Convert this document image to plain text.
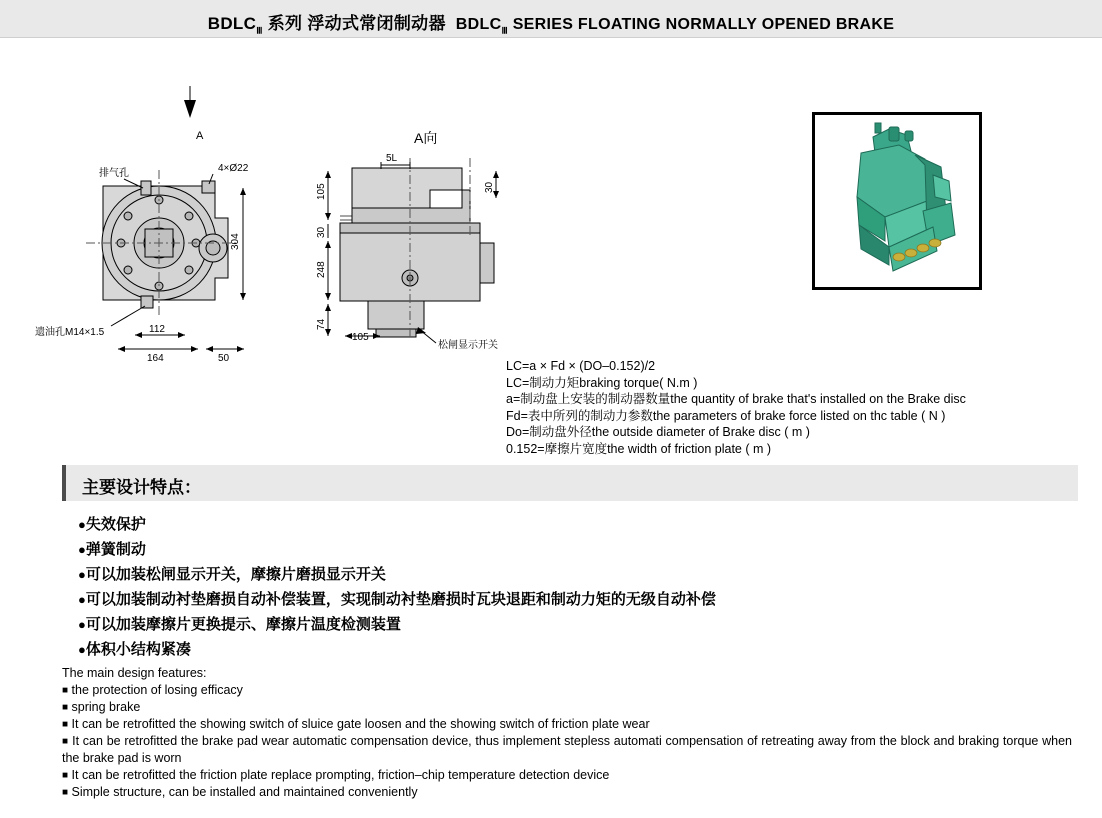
$BDLC_Ⅲ$ 系列 浮动式常闭制动器 $BDLC_Ⅲ$ SERIES FLOATING NORMALLY OPENED BRAKE
A	A向
排气孔	4×Ø22
遗油孔M14×1.5	112
164	50
304
5L
105
30
30
248
74
105
松闸显示开关
LC=a × Fd × (DO–0.152)/2
LC=制动力矩braking torque( N.m )
a=制动盘上安装的制动器数量the quantity of brake that's installed on the Brake disc
Fd=表中所列的制动力参数the parameters of brake force listed on thc table ( N )
Do=制动盘外径the outside diameter of Brake disc ( m )
0.152=摩擦片宽度the width of friction plate ( m )
主要设计特点：
●失效保护
●弹簧制动
●可以加装松闸显示开关，摩擦片磨损显示开关
●可以加装制动衬垫磨损自动补偿装置，实现制动衬垫磨损时瓦块退距和制动力矩的无级自动补偿
●可以加装摩擦片更换提示、摩擦片温度检测装置
●体积小结构紧凑
The main design features:

■ the protection of losing efficacy

■ spring brake

■ It can be retrofitted the showing switch of sluice gate loosen and the showing switch of friction plate wear

■ It can be retrofitted the brake pad wear automatic compensation device, thus implement stepless automati compensation of retreating away from the block and braking torque when the brake pad is worn

■ It can be retrofitted the friction plate replace prompting, friction–chip temperature detection device

■ Simple structure, can be installed and maintained conveniently
